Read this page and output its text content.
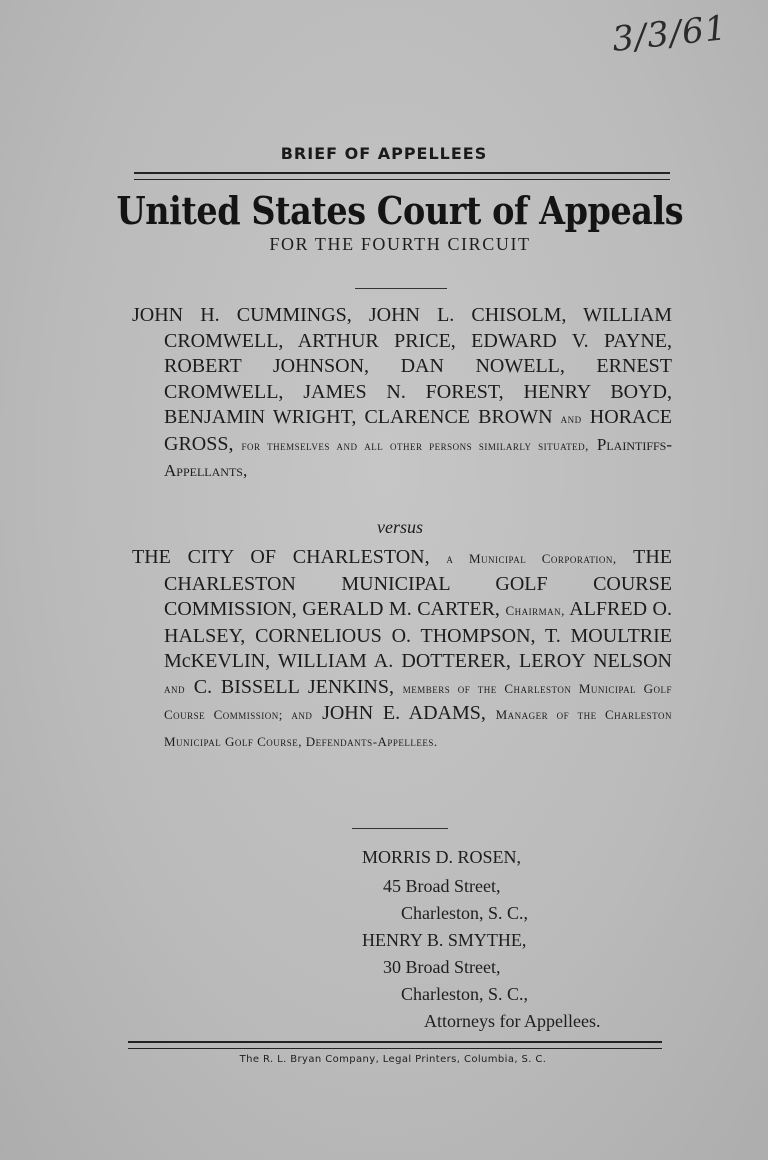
3/3/61
BRIEF OF APPELLEES
United States Court of Appeals
FOR THE FOURTH CIRCUIT

JOHN H. CUMMINGS, JOHN L. CHISOLM, WILLIAM CROMWELL, ARTHUR PRICE, EDWARD V. PAYNE, ROBERT JOHNSON, DAN NOWELL, ERNEST CROMWELL, JAMES N. FOREST, HENRY BOYD, BENJAMIN WRIGHT, CLARENCE BROWN and HORACE GROSS, for themselves and all other persons similarly situated, Plaintiffs-Appellants,

versus

THE CITY OF CHARLESTON, a Municipal Corporation, THE CHARLESTON MUNICIPAL GOLF COURSE COMMISSION, GERALD M. CARTER, Chairman, ALFRED O. HALSEY, CORNELIOUS O. THOMPSON, T. MOULTRIE McKEVLIN, WILLIAM A. DOTTERER, LEROY NELSON and C. BISSELL JENKINS, members of the Charleston Municipal Golf Course Commission; and JOHN E. ADAMS, Manager of the Charleston Municipal Golf Course, Defendants-Appellees.

MORRIS D. ROSEN,
45 Broad Street,
Charleston, S. C.,
HENRY B. SMYTHE,
30 Broad Street,
Charleston, S. C.,
Attorneys for Appellees.
The R. L. Bryan Company, Legal Printers, Columbia, S. C.
